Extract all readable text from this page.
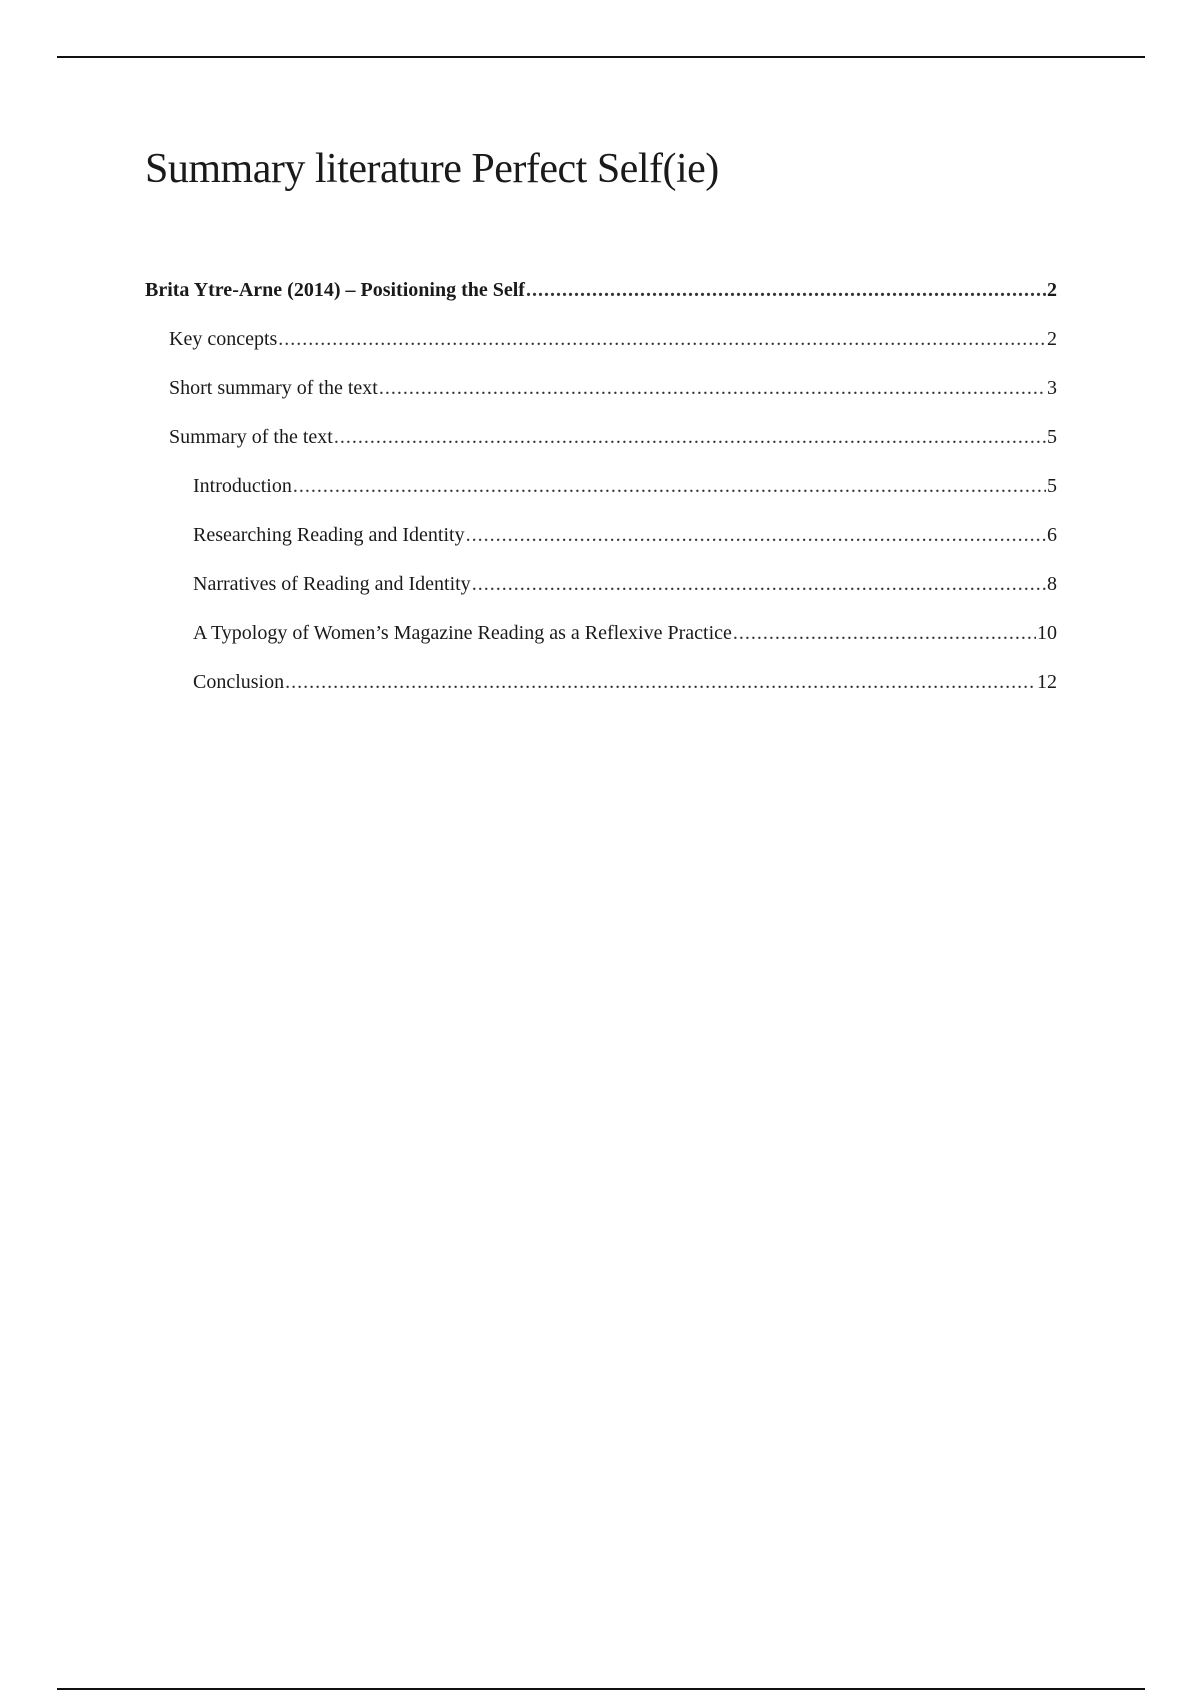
Summary literature Perfect Self(ie)
Brita Ytre-Arne (2014) – Positioning the Self .....	2
Key concepts .....	2
Short summary of the text .....	3
Summary of the text .....	5
Introduction .....	5
Researching Reading and Identity .....	6
Narratives of Reading and Identity .....	8
A Typology of Women’s Magazine Reading as a Reflexive Practice .....	10
Conclusion .....	12
